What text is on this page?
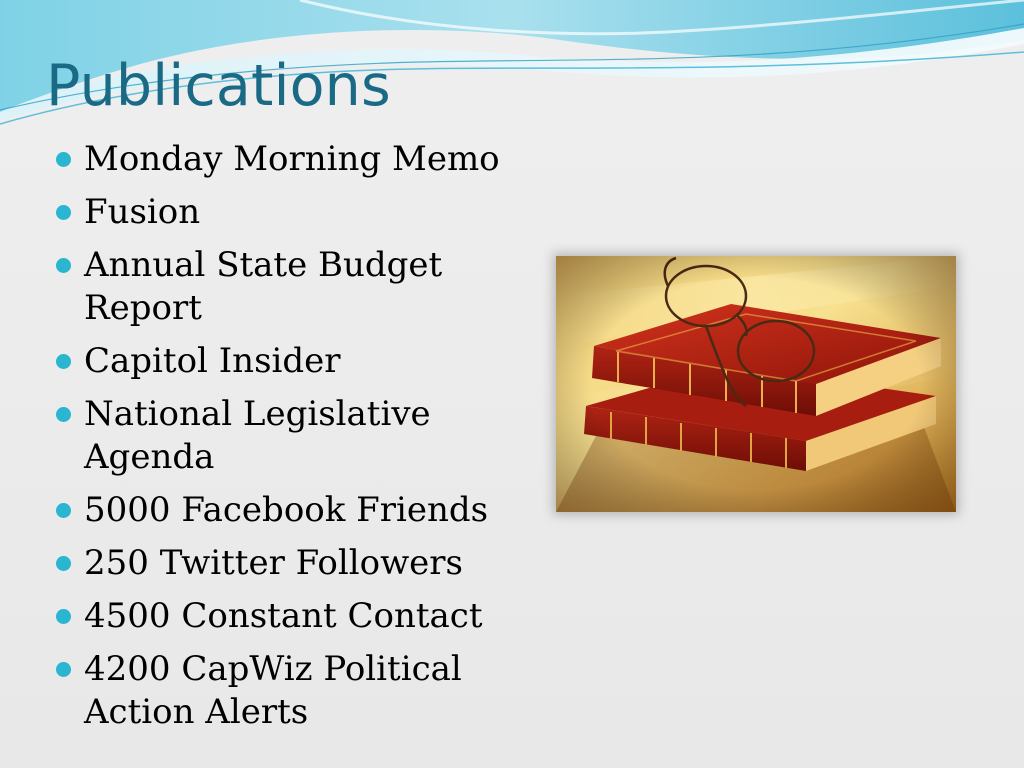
Publications
Monday Morning Memo
Fusion
Annual State Budget Report
Capitol Insider
National Legislative Agenda
5000 Facebook Friends
250 Twitter Followers
4500 Constant Contact
4200 CapWiz Political Action Alerts
